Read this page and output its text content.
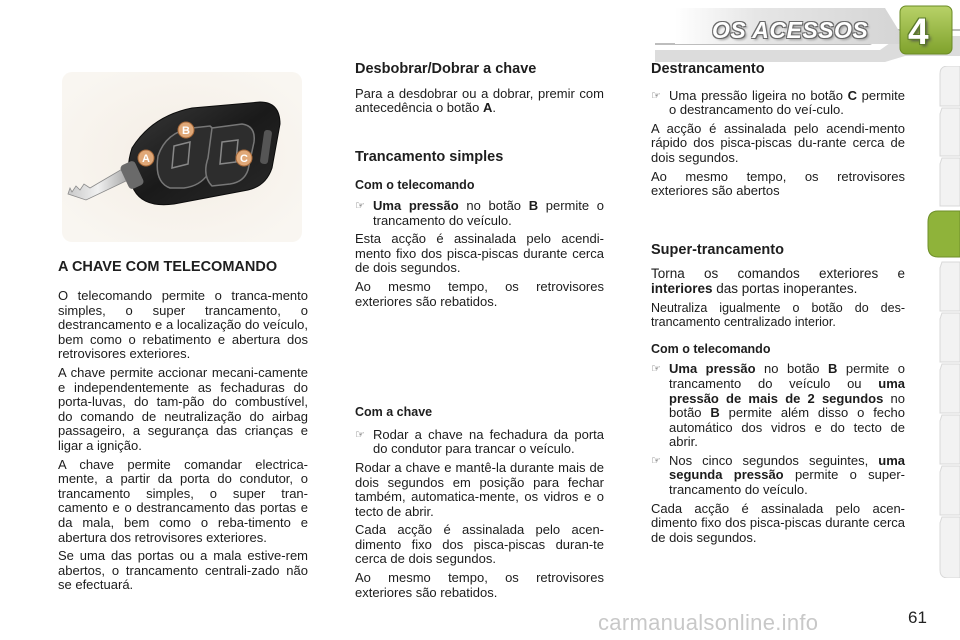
OS ACESSOS 4
A
B
C
A CHAVE COM TELECOMANDO

O telecomando permite o tranca-mento simples, o super trancamento, o destrancamento e a localização do veículo, bem como o rebatimento e abertura dos retrovisores exteriores.

A chave permite accionar mecani-camente e independentemente as fechaduras do porta-luvas, do tam-pão do combustível, do comando de neutralização do airbag passageiro, a segurança das crianças e ligar a ignição.

A chave permite comandar electrica-mente, a partir da porta do condutor, o trancamento simples, o super tran-camento e o destrancamento das portas e da mala, bem como o reba-timento e abertura dos retrovisores exteriores.

Se uma das portas ou a mala estive-rem abertos, o trancamento centrali-zado não se efectuará.

Desbobrar/Dobrar a chave

Para a desdobrar ou a dobrar, premir com antecedência o botão A.

Trancamento simples
Com o telecomando
☞ Uma pressão no botão B permite o trancamento do veículo.

Esta acção é assinalada pelo acendi-mento fixo dos pisca-piscas durante cerca de dois segundos.

Ao mesmo tempo, os retrovisores exteriores são rebatidos.

Com a chave
☞ Rodar a chave na fechadura da porta do condutor para trancar o veículo.

Rodar a chave e mantê-la durante mais de dois segundos em posição para fechar também, automatica-mente, os vidros e o tecto de abrir.

Cada acção é assinalada pelo acen-dimento fixo dos pisca-piscas duran-te cerca de dois segundos.

Ao mesmo tempo, os retrovisores exteriores são rebatidos.

Destrancamento
☞ Uma pressão ligeira no botão C permite o destrancamento do veí-culo.

A acção é assinalada pelo acendi-mento rápido dos pisca-piscas du-rante cerca de dois segundos.

Ao mesmo tempo, os retrovisores exteriores são abertos

Super-trancamento

Torna os comandos exteriores e interiores das portas inoperantes.

Neutraliza igualmente o botão do des-trancamento centralizado interior.

Com o telecomando
☞ Uma pressão no botão B permite o trancamento do veículo ou uma pressão de mais de 2 segundos no botão B permite além disso o fecho automático dos vidros e do tecto de abrir.
☞ Nos cinco segundos seguintes, uma segunda pressão permite o super-trancamento do veículo.

Cada acção é assinalada pelo acen-dimento fixo dos pisca-piscas durante cerca de dois segundos.

carmanualsonline.info	61
